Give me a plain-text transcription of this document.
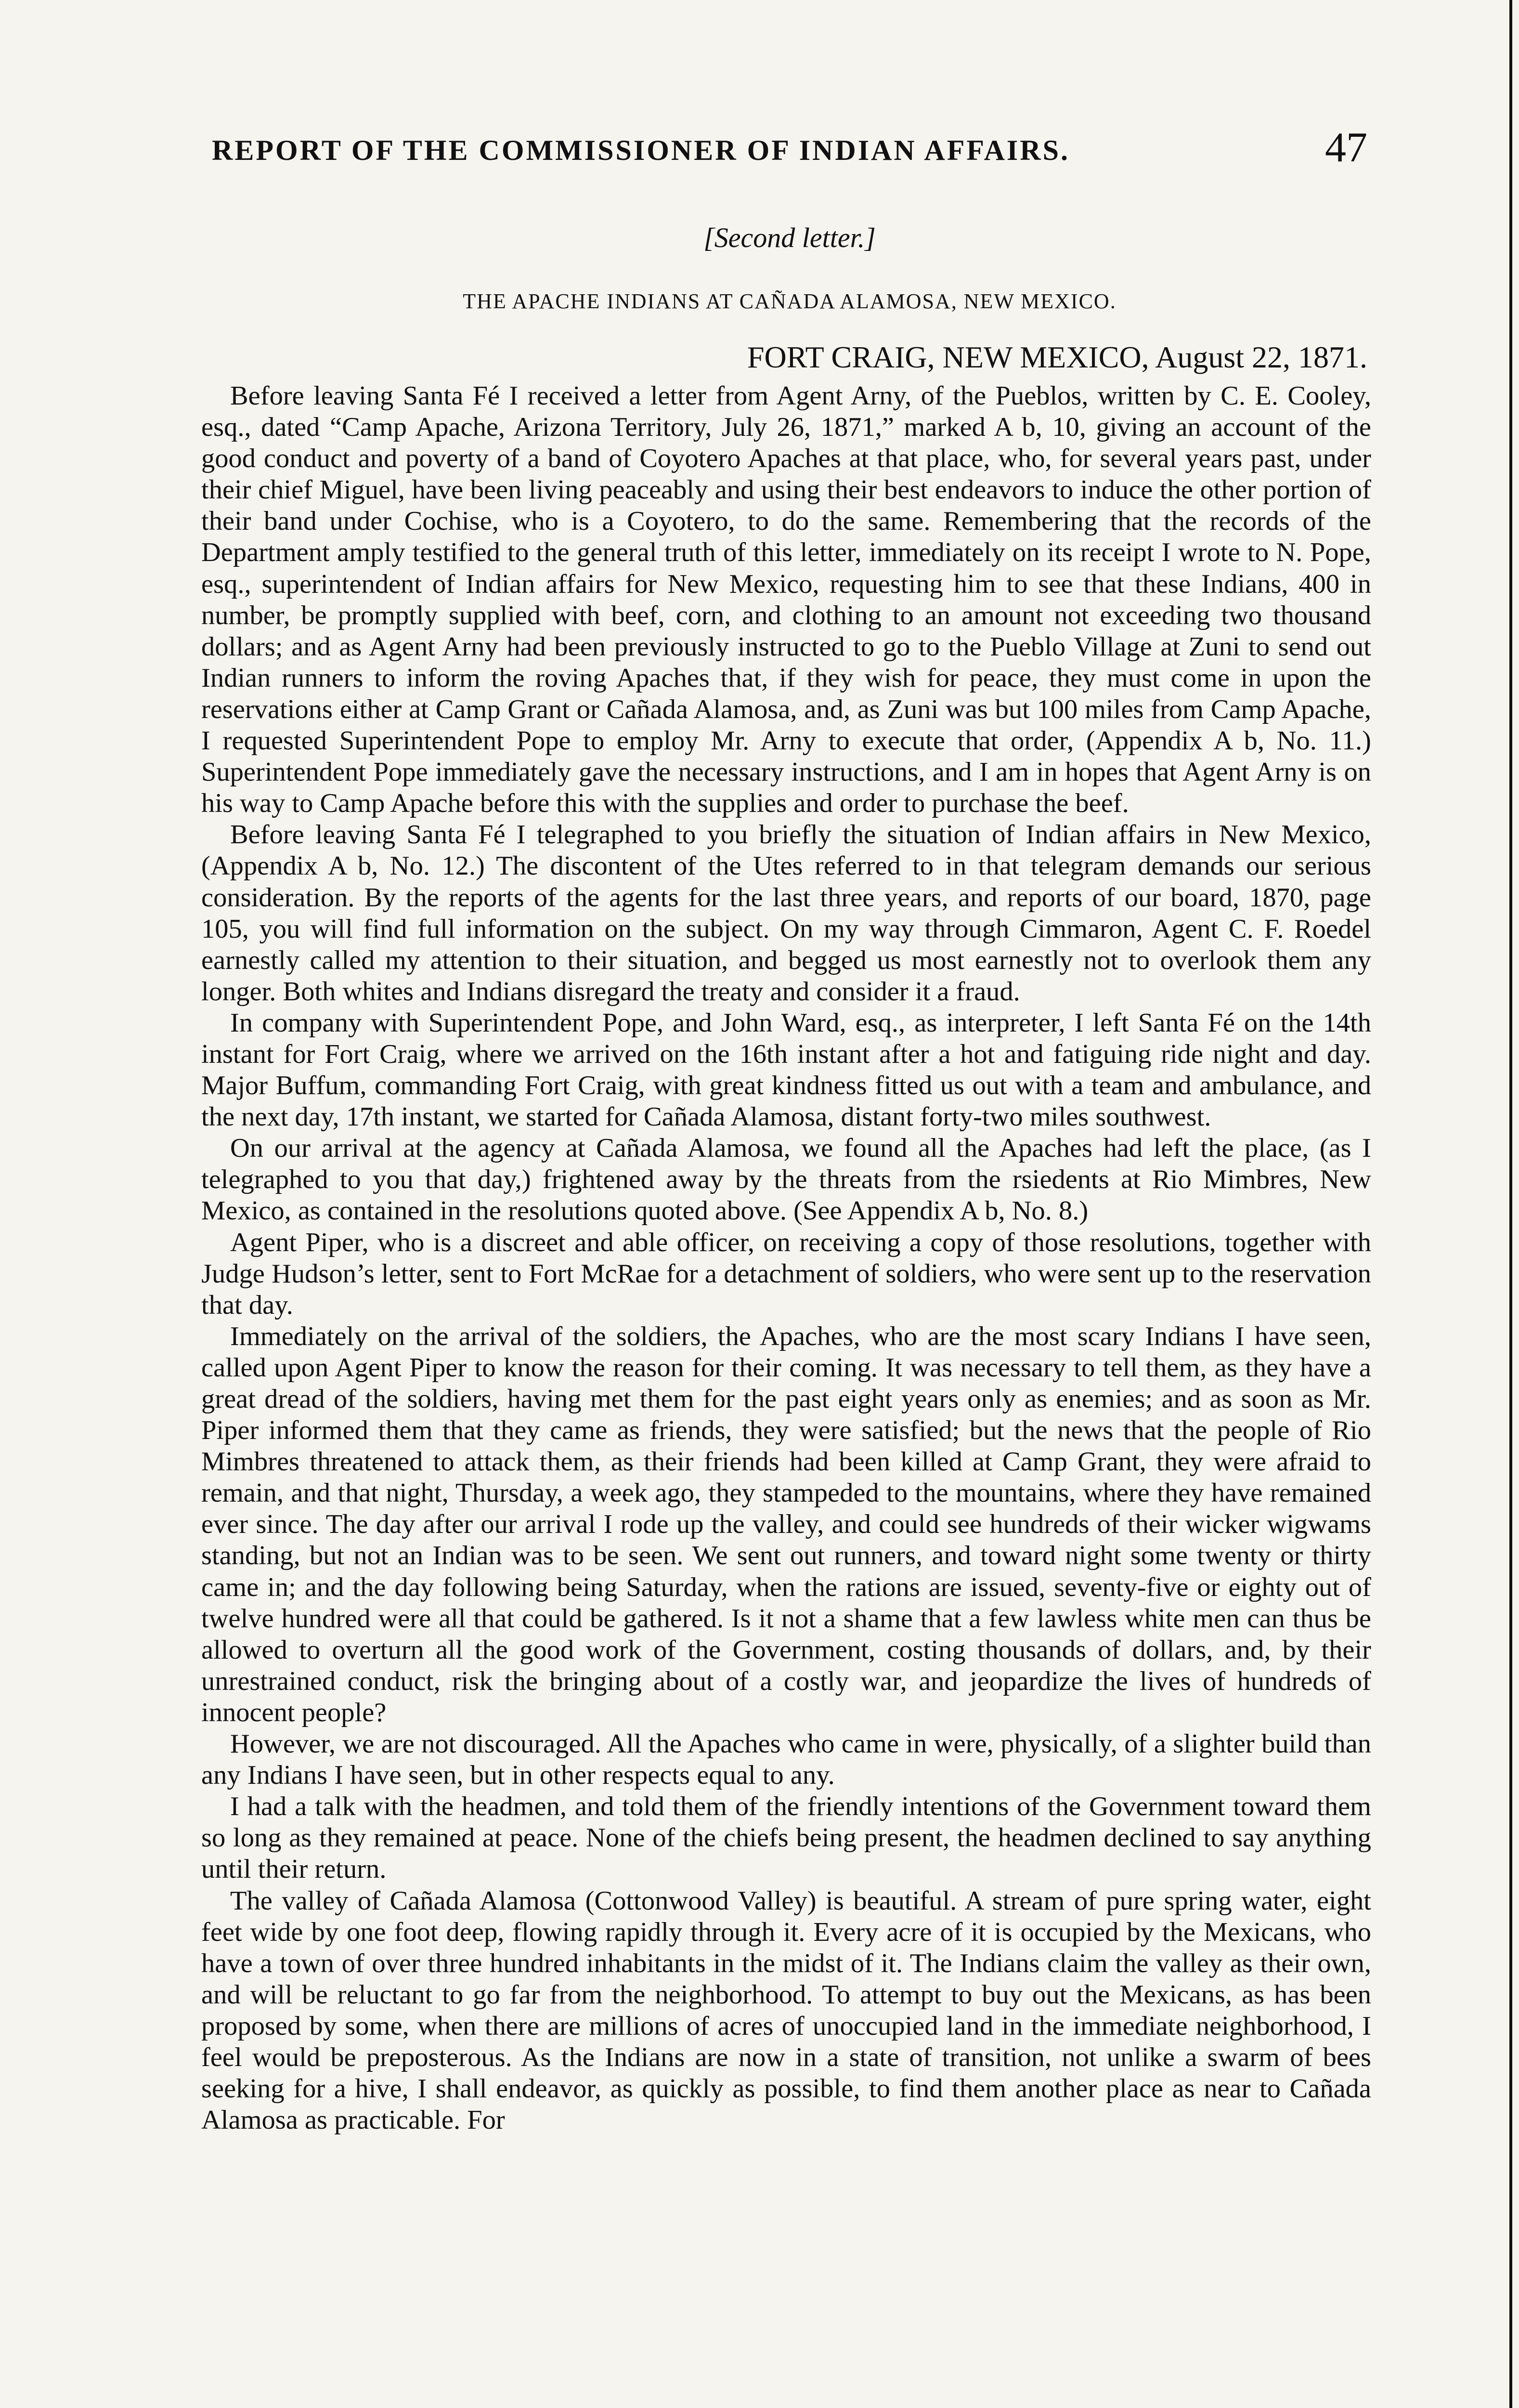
REPORT OF THE COMMISSIONER OF INDIAN AFFAIRS.	47
[Second letter.]
THE APACHE INDIANS AT CAÑADA ALAMOSA, NEW MEXICO.
FORT CRAIG, NEW MEXICO, August 22, 1871.

Before leaving Santa Fé I received a letter from Agent Arny, of the Pueblos, written by C. E. Cooley, esq., dated “Camp Apache, Arizona Territory, July 26, 1871,” marked A b, 10, giving an account of the good conduct and poverty of a band of Coyotero Apaches at that place, who, for several years past, under their chief Miguel, have been living peaceably and using their best endeavors to induce the other portion of their band under Cochise, who is a Coyotero, to do the same. Remembering that the records of the Department amply testified to the general truth of this letter, immediately on its receipt I wrote to N. Pope, esq., superintendent of Indian affairs for New Mexico, requesting him to see that these Indians, 400 in number, be promptly supplied with beef, corn, and clothing to an amount not exceeding two thousand dollars; and as Agent Arny had been previously instructed to go to the Pueblo Village at Zuni to send out Indian runners to inform the roving Apaches that, if they wish for peace, they must come in upon the reservations either at Camp Grant or Cañada Alamosa, and, as Zuni was but 100 miles from Camp Apache, I requested Superintendent Pope to employ Mr. Arny to execute that order, (Appendix A b, No. 11.) Superintendent Pope immediately gave the necessary instructions, and I am in hopes that Agent Arny is on his way to Camp Apache before this with the supplies and order to purchase the beef.

Before leaving Santa Fé I telegraphed to you briefly the situation of Indian affairs in New Mexico, (Appendix A b, No. 12.) The discontent of the Utes referred to in that telegram demands our serious consideration. By the reports of the agents for the last three years, and reports of our board, 1870, page 105, you will find full information on the subject. On my way through Cimmaron, Agent C. F. Roedel earnestly called my attention to their situation, and begged us most earnestly not to overlook them any longer. Both whites and Indians disregard the treaty and consider it a fraud.

In company with Superintendent Pope, and John Ward, esq., as interpreter, I left Santa Fé on the 14th instant for Fort Craig, where we arrived on the 16th instant after a hot and fatiguing ride night and day. Major Buffum, commanding Fort Craig, with great kindness fitted us out with a team and ambulance, and the next day, 17th instant, we started for Cañada Alamosa, distant forty-two miles southwest.

On our arrival at the agency at Cañada Alamosa, we found all the Apaches had left the place, (as I telegraphed to you that day,) frightened away by the threats from the rsiedents at Rio Mimbres, New Mexico, as contained in the resolutions quoted above. (See Appendix A b, No. 8.)

Agent Piper, who is a discreet and able officer, on receiving a copy of those resolutions, together with Judge Hudson’s letter, sent to Fort McRae for a detachment of soldiers, who were sent up to the reservation that day.

Immediately on the arrival of the soldiers, the Apaches, who are the most scary Indians I have seen, called upon Agent Piper to know the reason for their coming. It was necessary to tell them, as they have a great dread of the soldiers, having met them for the past eight years only as enemies; and as soon as Mr. Piper informed them that they came as friends, they were satisfied; but the news that the people of Rio Mimbres threatened to attack them, as their friends had been killed at Camp Grant, they were afraid to remain, and that night, Thursday, a week ago, they stampeded to the mountains, where they have remained ever since. The day after our arrival I rode up the valley, and could see hundreds of their wicker wigwams standing, but not an Indian was to be seen. We sent out runners, and toward night some twenty or thirty came in; and the day following being Saturday, when the rations are issued, seventy-five or eighty out of twelve hundred were all that could be gathered. Is it not a shame that a few lawless white men can thus be allowed to overturn all the good work of the Government, costing thousands of dollars, and, by their unrestrained conduct, risk the bringing about of a costly war, and jeopardize the lives of hundreds of innocent people?

However, we are not discouraged. All the Apaches who came in were, physically, of a slighter build than any Indians I have seen, but in other respects equal to any.

I had a talk with the headmen, and told them of the friendly intentions of the Government toward them so long as they remained at peace. None of the chiefs being present, the headmen declined to say anything until their return.

The valley of Cañada Alamosa (Cottonwood Valley) is beautiful. A stream of pure spring water, eight feet wide by one foot deep, flowing rapidly through it. Every acre of it is occupied by the Mexicans, who have a town of over three hundred inhabitants in the midst of it. The Indians claim the valley as their own, and will be reluctant to go far from the neighborhood. To attempt to buy out the Mexicans, as has been proposed by some, when there are millions of acres of unoccupied land in the immediate neighborhood, I feel would be preposterous. As the Indians are now in a state of transition, not unlike a swarm of bees seeking for a hive, I shall endeavor, as quickly as possible, to find them another place as near to Cañada Alamosa as practicable. For
